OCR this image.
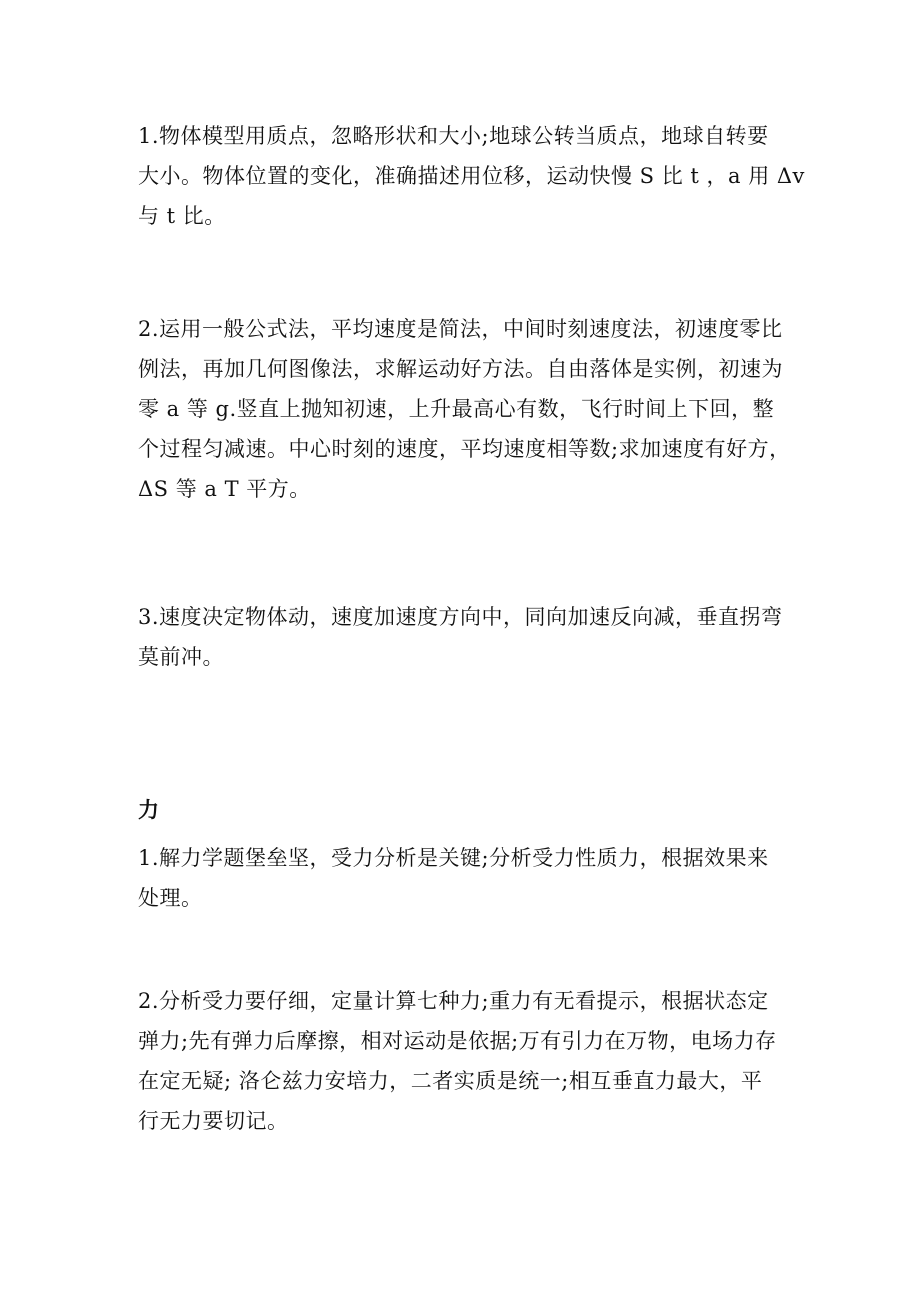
1.物体模型用质点，忽略形状和大小;地球公转当质点，地球自转要
大小。物体位置的变化，准确描述用位移，运动快慢 S 比 t ，a 用 Δv
与 t 比。

2.运用一般公式法，平均速度是简法，中间时刻速度法，初速度零比
例法，再加几何图像法，求解运动好方法。自由落体是实例，初速为
零 a 等 g.竖直上抛知初速，上升最高心有数，飞行时间上下回，整
个过程匀减速。中心时刻的速度，平均速度相等数;求加速度有好方，
ΔS 等 a T 平方。

3.速度决定物体动，速度加速度方向中，同向加速反向减，垂直拐弯
莫前冲。

力

1.解力学题堡垒坚，受力分析是关键;分析受力性质力，根据效果来
处理。

2.分析受力要仔细，定量计算七种力;重力有无看提示，根据状态定
弹力;先有弹力后摩擦，相对运动是依据;万有引力在万物，电场力存
在定无疑; 洛仑兹力安培力，二者实质是统一;相互垂直力最大，平
行无力要切记。
